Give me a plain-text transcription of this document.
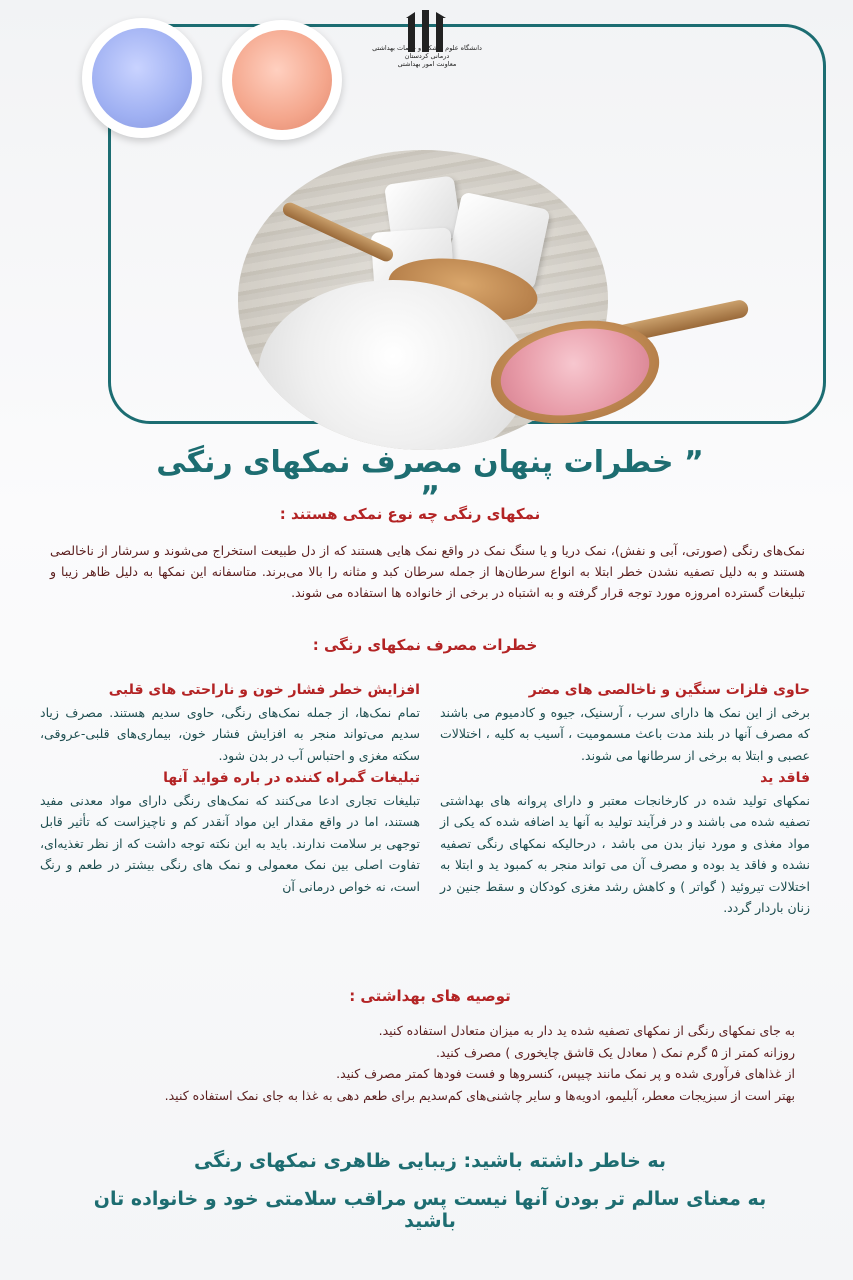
دانشگاه علوم پزشکی و خدمات بهداشتی درمانی کردستان
معاونت امور بهداشتی
” خطرات پنهان مصرف نمکهای رنگی ”
نمکهای رنگی چه نوع نمکی هستند :
نمک‌های رنگی (صورتی، آبی و نفش)، نمک دریا و یا سنگ نمک در واقع نمک هایی هستند که از دل طبیعت استخراج می‌شوند و سرشار از ناخالصی هستند و به دلیل تصفیه نشدن خطر ابتلا به انواع سرطان‌ها از جمله سرطان کبد و مثانه را بالا می‌برند. متاسفانه این نمکها به دلیل ظاهر زیبا و تبلیغات گسترده امروزه مورد توجه قرار گرفته و به اشتباه در برخی از خانواده ها استفاده می شوند.
خطرات مصرف نمکهای رنگی :
حاوی فلزات سنگین و ناخالصی های مضر
برخی از این نمک ها دارای سرب ، آرسنیک، جیوه و کادمیوم می باشند که مصرف آنها در بلند مدت باعث مسمومیت ، آسیب به کلیه ، اختلالات عصبی و ابتلا به برخی از سرطانها می شوند.
فاقد ید
نمکهای تولید شده در کارخانجات معتبر و دارای پروانه های بهداشتی تصفیه شده می باشند و در فرآیند تولید به آنها ید اضافه شده که یکی از مواد مغذی و مورد نیاز بدن می باشد ، درحالیکه نمکهای رنگی تصفیه نشده و فاقد ید بوده و مصرف آن می تواند منجر به کمبود ید و ابتلا به اختلالات تیروئید ( گواتر ) و کاهش رشد مغزی کودکان و سقط جنین در زنان باردار گردد.
افزایش خطر فشار خون و ناراحتی های قلبی
تمام نمک‌ها، از جمله نمک‌های رنگی، حاوی سدیم هستند. مصرف زیاد سدیم می‌تواند منجر به افزایش فشار خون، بیماری‌های قلبی-عروقی، سکته مغزی و احتباس آب در بدن شود.
تبلیغات گمراه کننده در باره فواید آنها
تبلیغات تجاری ادعا می‌کنند که نمک‌های رنگی دارای مواد معدنی مفید هستند، اما در واقع مقدار این مواد آنقدر کم و ناچیزاست که تأثیر قابل توجهی بر سلامت ندارند. باید به این نکته توجه داشت که از نظر تغذیه‌ای، تفاوت اصلی بین نمک معمولی و نمک های رنگی بیشتر در طعم و رنگ است، نه خواص درمانی آن
توصیه های بهداشتی :
به جای نمکهای رنگی از نمکهای تصفیه شده ید دار به میزان متعادل استفاده کنید.
روزانه کمتر از ۵ گرم نمک ( معادل یک قاشق چایخوری ) مصرف کنید.
از غذاهای فرآوری شده و پر نمک مانند چیپس، کنسروها و فست فودها کمتر مصرف کنید.
بهتر است از سبزیجات معطر، آبلیمو، ادویه‌ها و سایر چاشنی‌های کم‌سدیم برای طعم دهی به غذا به جای نمک استفاده کنید.
به خاطر داشته باشید: زیبایی ظاهری نمکهای رنگی
به معنای سالم تر بودن آنها نیست پس مراقب سلامتی خود و خانواده تان باشید
